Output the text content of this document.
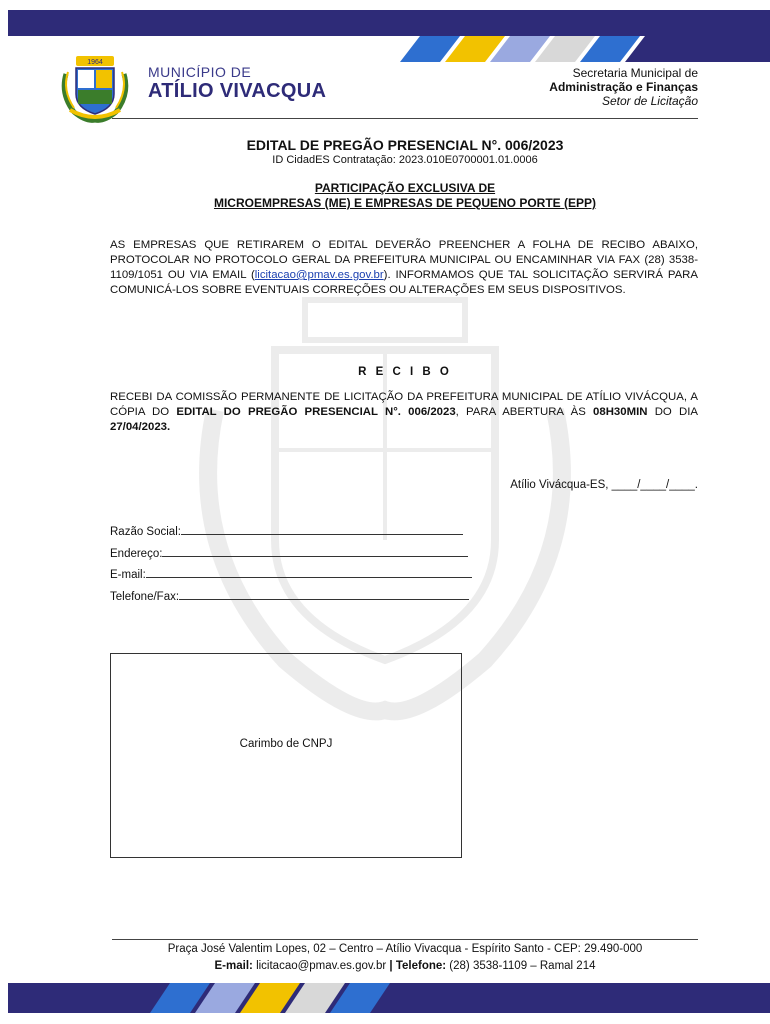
1964
MUNICÍPIO DE
ATÍLIO VIVACQUA
Secretaria Municipal de
Administração e Finanças
Setor de Licitação
EDITAL DE PREGÃO PRESENCIAL N°. 006/2023
ID CidadES Contratação: 2023.010E0700001.01.0006
PARTICIPAÇÃO EXCLUSIVA DE
MICROEMPRESAS (ME) E EMPRESAS DE PEQUENO PORTE (EPP)
AS EMPRESAS QUE RETIRAREM O EDITAL DEVERÃO PREENCHER A FOLHA DE RECIBO ABAIXO, PROTOCOLAR NO PROTOCOLO GERAL DA PREFEITURA MUNICIPAL OU ENCAMINHAR VIA FAX (28) 3538-1109/1051 OU VIA EMAIL (licitacao@pmav.es.gov.br). INFORMAMOS QUE TAL SOLICITAÇÃO SERVIRÁ PARA COMUNICÁ-LOS SOBRE EVENTUAIS CORREÇÕES OU ALTERAÇÕES EM SEUS DISPOSITIVOS.
R E C I B O
RECEBI DA COMISSÃO PERMANENTE DE LICITAÇÃO DA PREFEITURA MUNICIPAL DE ATÍLIO VIVÁCQUA, A CÓPIA DO EDITAL DO PREGÃO PRESENCIAL N°. 006/2023, PARA ABERTURA ÀS 08H30MIN DO DIA 27/04/2023.
Atílio Vivácqua-ES, ____/____/____.
Razão Social:
Endereço:
E-mail:
Telefone/Fax:
Carimbo de CNPJ
Praça José Valentim Lopes, 02 – Centro – Atílio Vivacqua - Espírito Santo - CEP: 29.490-000
E-mail: licitacao@pmav.es.gov.br | Telefone: (28) 3538-1109 – Ramal 214
